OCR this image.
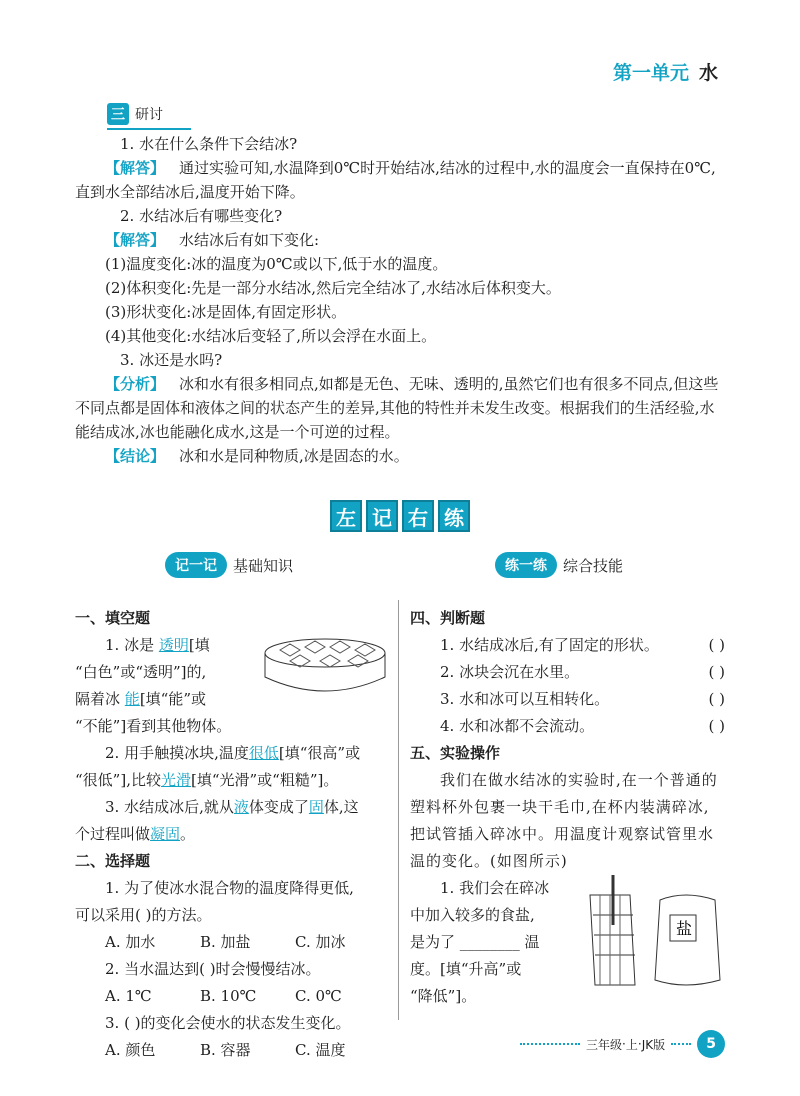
第一单元 水
三 研讨

1. 水在什么条件下会结冰?

【解答】 通过实验可知,水温降到0℃时开始结冰,结冰的过程中,水的温度会一直保持在0℃,直到水全部结冰后,温度开始下降。

2. 水结冰后有哪些变化?

【解答】 水结冰后有如下变化:

(1)温度变化:冰的温度为0℃或以下,低于水的温度。

(2)体积变化:先是一部分水结冰,然后完全结冰了,水结冰后体积变大。

(3)形状变化:冰是固体,有固定形状。

(4)其他变化:水结冰后变轻了,所以会浮在水面上。

3. 冰还是水吗?

【分析】 冰和水有很多相同点,如都是无色、无味、透明的,虽然它们也有很多不同点,但这些不同点都是固体和液体之间的状态产生的差异,其他的特性并未发生改变。根据我们的生活经验,水能结成冰,冰也能融化成水,这是一个可逆的过程。

【结论】 冰和水是同种物质,冰是固态的水。

左 记 右 练
记一记	基础知识	练一练	综合技能
一、填空题

1. 冰是 透明[填

“白色”或“透明”]的,

隔着冰 能[填“能”或

“不能”]看到其他物体。

2. 用手触摸冰块,温度很低[填“很高”或

“很低”],比较光滑[填“光滑”或“粗糙”]。

3. 水结成冰后,就从液体变成了固体,这

个过程叫做凝固。

二、选择题

1. 为了使冰水混合物的温度降得更低,

可以采用( )的方法。

A. 加水	B. 加盐	C. 加冰

2. 当水温达到( )时会慢慢结冰。

A. 1℃	B. 10℃	C. 0℃

3. ( )的变化会使水的状态发生变化。

A. 颜色	B. 容器	C. 温度
四、判断题
1. 水结成冰后,有了固定的形状。	( )
2. 冰块会沉在水里。	( )
3. 水和冰可以互相转化。	( )
4. 水和冰都不会流动。	( )
五、实验操作

我们在做水结冰的实验时,在一个普通的塑料杯外包裹一块干毛巾,在杯内装满碎冰,把试管插入碎冰中。用温度计观察试管里水温的变化。(如图所示)

1. 我们会在碎冰

中加入较多的食盐,

是为了 ________ 温

度。[填“升高”或

“降低”]。

盐
三年级 · 上 · JK版	5
